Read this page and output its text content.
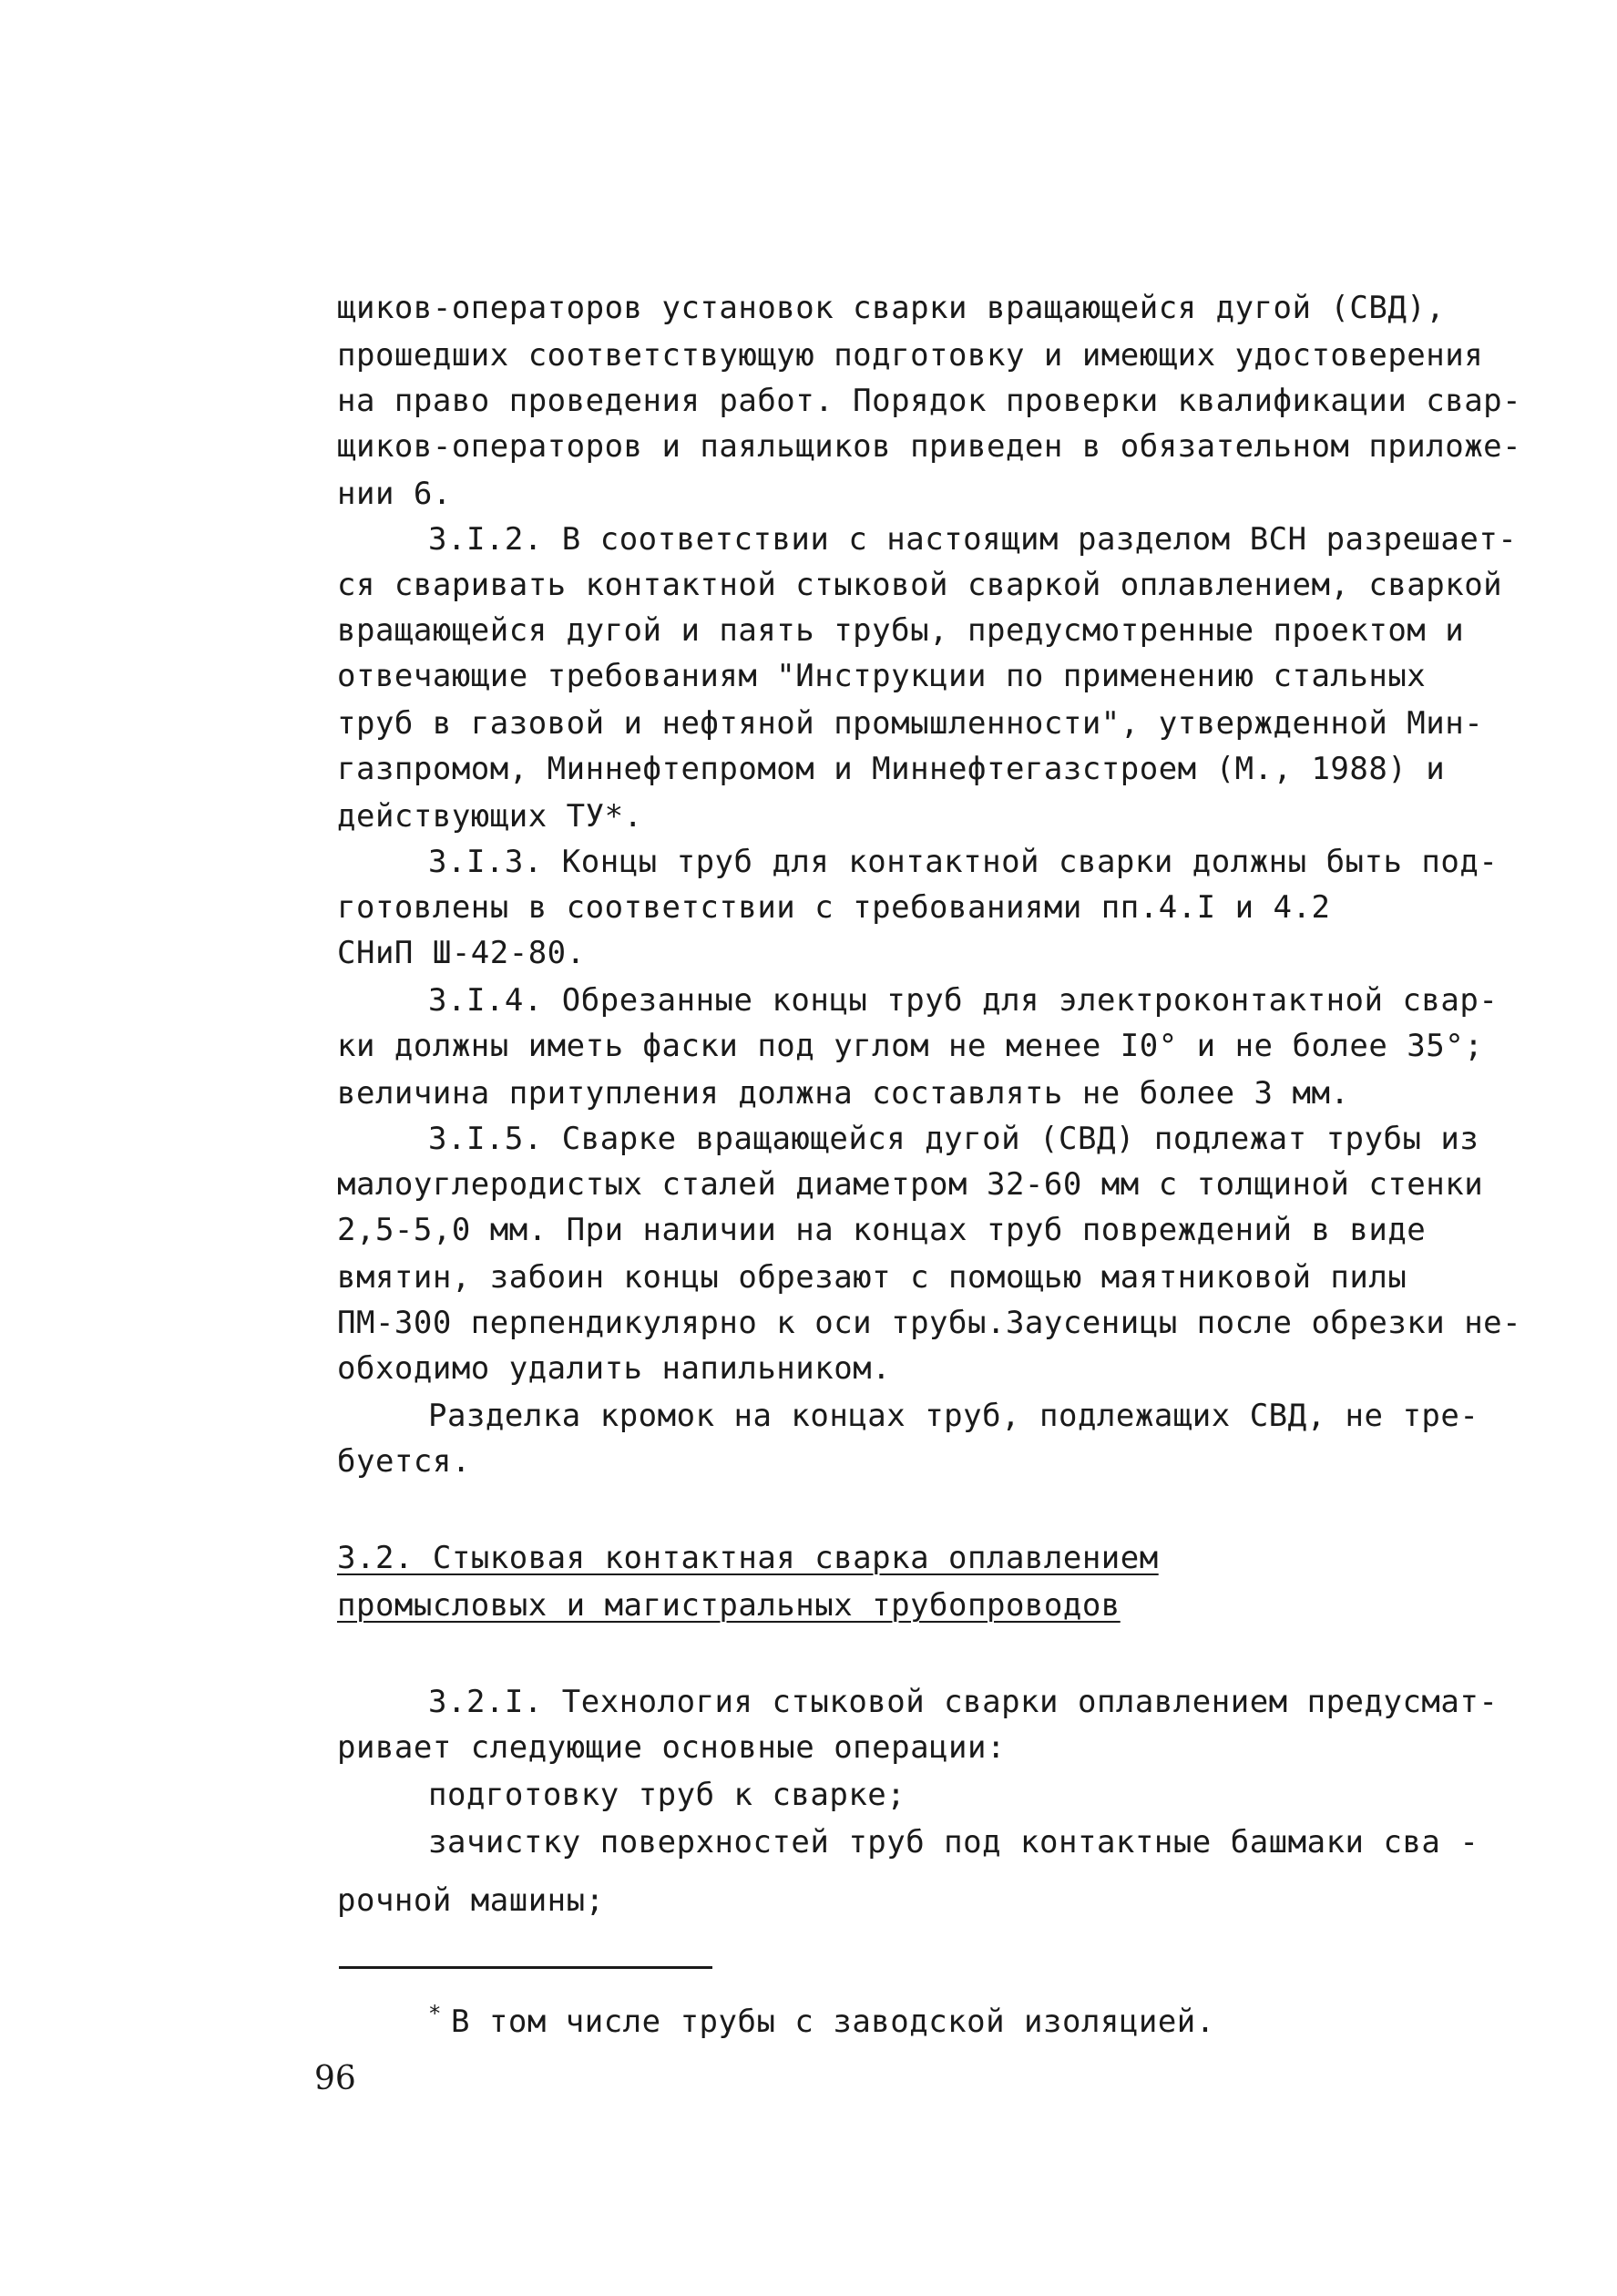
щиков-операторов установок сварки вращающейся дугой (СВД),
прошедших соответствующую подготовку и имеющих удостоверения
на право проведения работ. Порядок проверки квалификации свар-
щиков-операторов и паяльщиков приведен в обязательном приложе-
нии 6.
3.I.2. В соответствии с настоящим разделом ВСН разрешает-
ся сваривать контактной стыковой сваркой оплавлением, сваркой
вращающейся дугой и паять трубы, предусмотренные проектом и
отвечающие требованиям "Инструкции по применению стальных
труб в газовой и нефтяной промышленности", утвержденной Мин-
газпромом, Миннефтепромом и Миннефтегазстроем (М., 1988) и
действующих ТУ*.
3.I.3. Концы труб для контактной сварки должны быть под-
готовлены в соответствии с требованиями пп.4.I и 4.2
СНиП Ш-42-80.
3.I.4. Обрезанные концы труб для электроконтактной свар-
ки должны иметь фаски под углом не менее I0° и не более 35°;
величина притупления должна составлять не более 3 мм.
3.I.5. Сварке вращающейся дугой (СВД) подлежат трубы из
малоуглеродистых сталей диаметром 32-60 мм с толщиной стенки
2,5-5,0 мм. При наличии на концах труб повреждений в виде
вмятин, забоин концы обрезают с помощью маятниковой пилы
ПМ-300 перпендикулярно к оси трубы.Заусеницы после обрезки не-
обходимо удалить напильником.
Разделка кромок на концах труб, подлежащих СВД, не тре-
буется.
3.2. Стыковая контактная сварка оплавлением
промысловых и магистральных трубопроводов
3.2.I. Технология стыковой сварки оплавлением предусмат-
ривает следующие основные операции:
подготовку труб к сварке;
зачистку поверхностей труб под контактные башмаки сва -
рочной машины;
* В том числе трубы с заводской изоляцией.
96
